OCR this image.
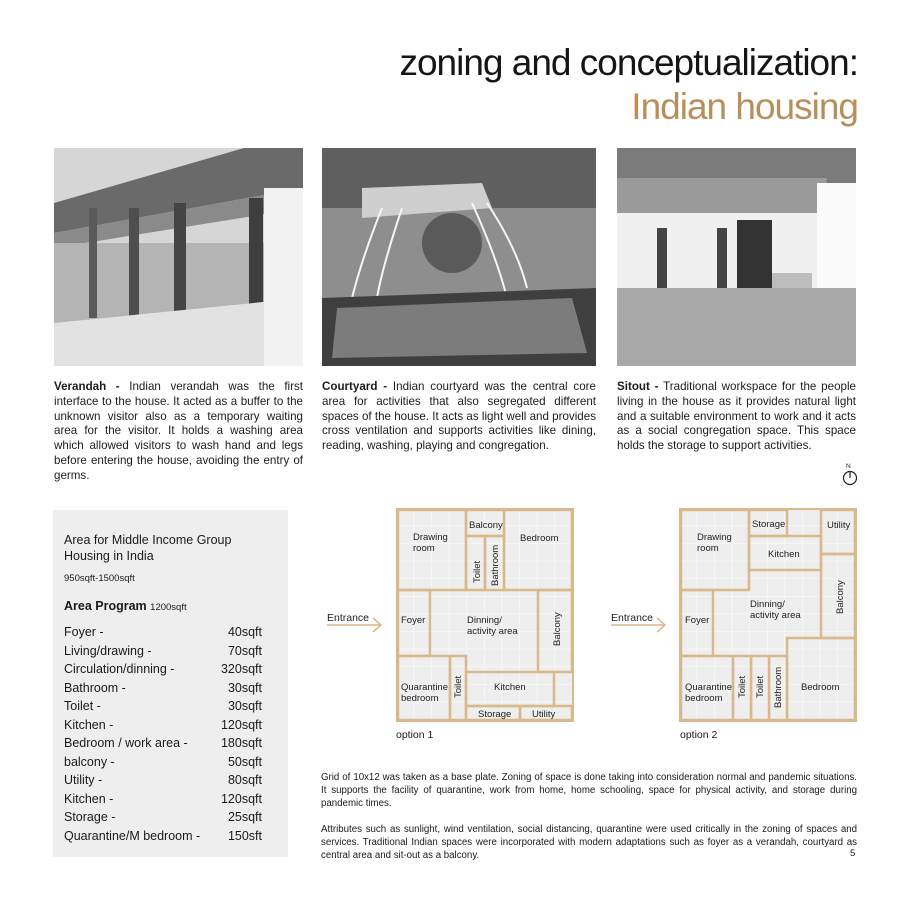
zoning and conceptualization:
Indian housing
Verandah - Indian verandah was the first interface to the house. It acted as a buffer to the unknown visitor also as a temporary waiting area for the visitor. It holds a washing area which allowed visitors to wash hand and legs before entering the house, avoiding the entry of germs.
Courtyard - Indian courtyard was the central core area for activities that also segregated different spaces of the house. It acts as light well and provides cross ventilation and supports activities like dining, reading, washing, playing and congregation.
Sitout - Traditional workspace for the people living in the house as it provides natural light and a suitable environment to work and it acts as a social congregation space. This space holds the storage to support activities.
N
Area for Middle Income Group Housing in India
950sqft-1500sqft
Area Program 1200sqft
Foyer -	40sqft
Living/drawing -	70sqft
Circulation/dinning -	320sqft
Bathroom -	30sqft
Toilet -	30sqft
Kitchen -	120sqft
Bedroom / work area -	180sqft
balcony -	50sqft
Utility -	80sqft
Kitchen -	120sqft
Storage -	25sqft
Quarantine/M bedroom - 150sft
Drawing room
Balcony
Bedroom
Toilet Bathroom
Foyer	Dinning/ activity area	Balcony
Quarantine bedroom
Toilet	Kitchen
Storage Utility
Entrance
option 1
Drawing room
Storage	Utility
Kitchen
Dinning/ activity area
Balcony
Foyer
Quarantine bedroom
Toilet Toilet Bathroom Bedroom
Entrance
option 2
Grid of 10x12 was taken as a base plate. Zoning of space is done taking into consideration normal and pandemic situations. It supports the facility of quarantine, work from home, home schooling, space for physical activity, and storage during pandemic times.
Attributes such as sunlight, wind ventilation, social distancing, quarantine were used critically in the zoning of spaces and services. Traditional Indian spaces were incorporated with modern adaptations such as foyer as a verandah, courtyard as central area and sit-out as a balcony.	5
